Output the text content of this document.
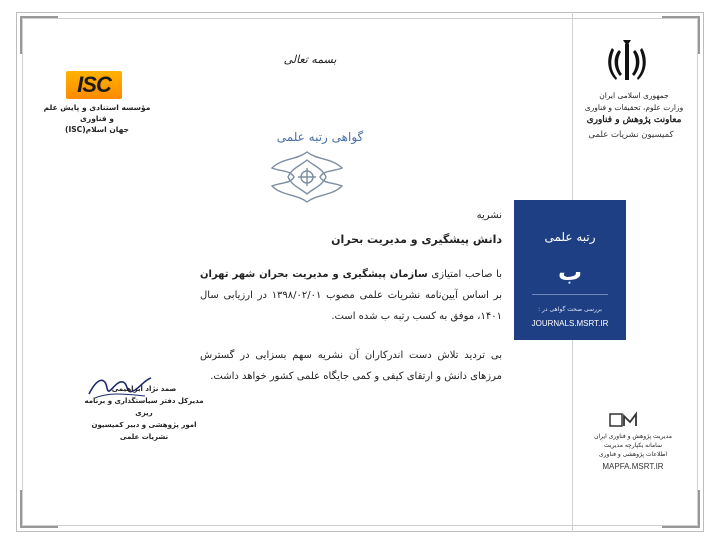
ISC
مؤسسه استنادی و پایش علم و فناوری
جهان اسلام(ISC)
بسمه تعالی
گواهی رتبه علمی
جمهوری اسلامی ایران
وزارت علوم، تحقیقات و فناوری
معاونت پژوهش و فناوری
کمیسیون نشریات علمی
رتبه علمی
ب
بررسی صحت گواهی در :
JOURNALS.MSRT.IR
نشریه
دانش پیشگیری و مدیریت بحران
با صاحب امتیازی سازمان پیشگیری و مدیریت بحران شهر تهران بر اساس آیین‌نامه نشریات علمی مصوب ۱۳۹۸/۰۲/۰۱ در ارزیابی سال ۱۴۰۱، موفق به کسب رتبه ب شده است.
بی تردید تلاش دست اندرکاران آن نشریه سهم بسزایی در گسترش مرزهای دانش و ارتقای کیفی و کمی جایگاه علمی کشور خواهد داشت.
صمد نژاد ابراهیمی
مدیرکل دفتر سیاستگذاری و برنامه ریزی
امور پژوهشی و دبیر کمیسیون
نشریات علمی	مدیریت پژوهش و فناوری ایران
سامانه یکپارچه مدیریت
اطلاعات پژوهشی و فناوری
MAPFA.MSRT.IR
